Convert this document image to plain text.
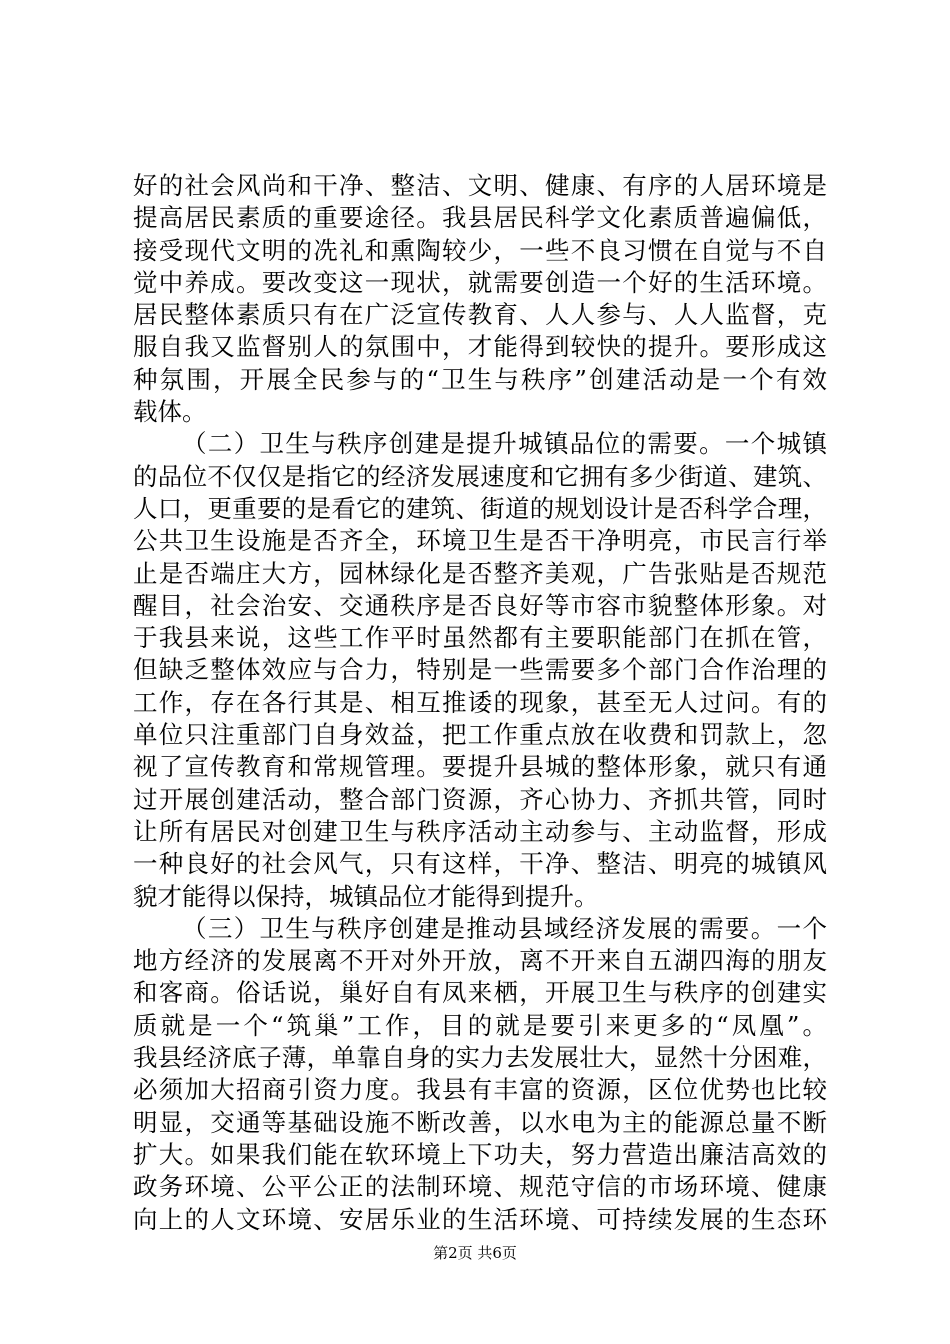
好的社会风尚和干净、整洁、文明、健康、有序的人居环境是
提高居民素质的重要途径。我县居民科学文化素质普遍偏低，
接受现代文明的冼礼和熏陶较少，一些不良习惯在自觉与不自
觉中养成。要改变这一现状，就需要创造一个好的生活环境。
居民整体素质只有在广泛宣传教育、人人参与、人人监督，克
服自我又监督别人的氛围中，才能得到较快的提升。要形成这
种氛围，开展全民参与的“卫生与秩序”创建活动是一个有效
载体。
（二）卫生与秩序创建是提升城镇品位的需要。一个城镇
的品位不仅仅是指它的经济发展速度和它拥有多少街道、建筑、
人口，更重要的是看它的建筑、街道的规划设计是否科学合理，
公共卫生设施是否齐全，环境卫生是否干净明亮，市民言行举
止是否端庄大方，园林绿化是否整齐美观，广告张贴是否规范
醒目，社会治安、交通秩序是否良好等市容市貌整体形象。对
于我县来说，这些工作平时虽然都有主要职能部门在抓在管，
但缺乏整体效应与合力，特别是一些需要多个部门合作治理的
工作，存在各行其是、相互推诿的现象，甚至无人过问。有的
单位只注重部门自身效益，把工作重点放在收费和罚款上，忽
视了宣传教育和常规管理。要提升县城的整体形象，就只有通
过开展创建活动，整合部门资源，齐心协力、齐抓共管，同时
让所有居民对创建卫生与秩序活动主动参与、主动监督，形成
一种良好的社会风气，只有这样，干净、整洁、明亮的城镇风
貌才能得以保持，城镇品位才能得到提升。
（三）卫生与秩序创建是推动县域经济发展的需要。一个
地方经济的发展离不开对外开放，离不开来自五湖四海的朋友
和客商。俗话说，巢好自有凤来栖，开展卫生与秩序的创建实
质就是一个“筑巢”工作，目的就是要引来更多的“凤凰”。
我县经济底子薄，单靠自身的实力去发展壮大，显然十分困难，
必须加大招商引资力度。我县有丰富的资源，区位优势也比较
明显，交通等基础设施不断改善，以水电为主的能源总量不断
扩大。如果我们能在软环境上下功夫，努力营造出廉洁高效的
政务环境、公平公正的法制环境、规范守信的市场环境、健康
向上的人文环境、安居乐业的生活环境、可持续发展的生态环
第2页 共6页
